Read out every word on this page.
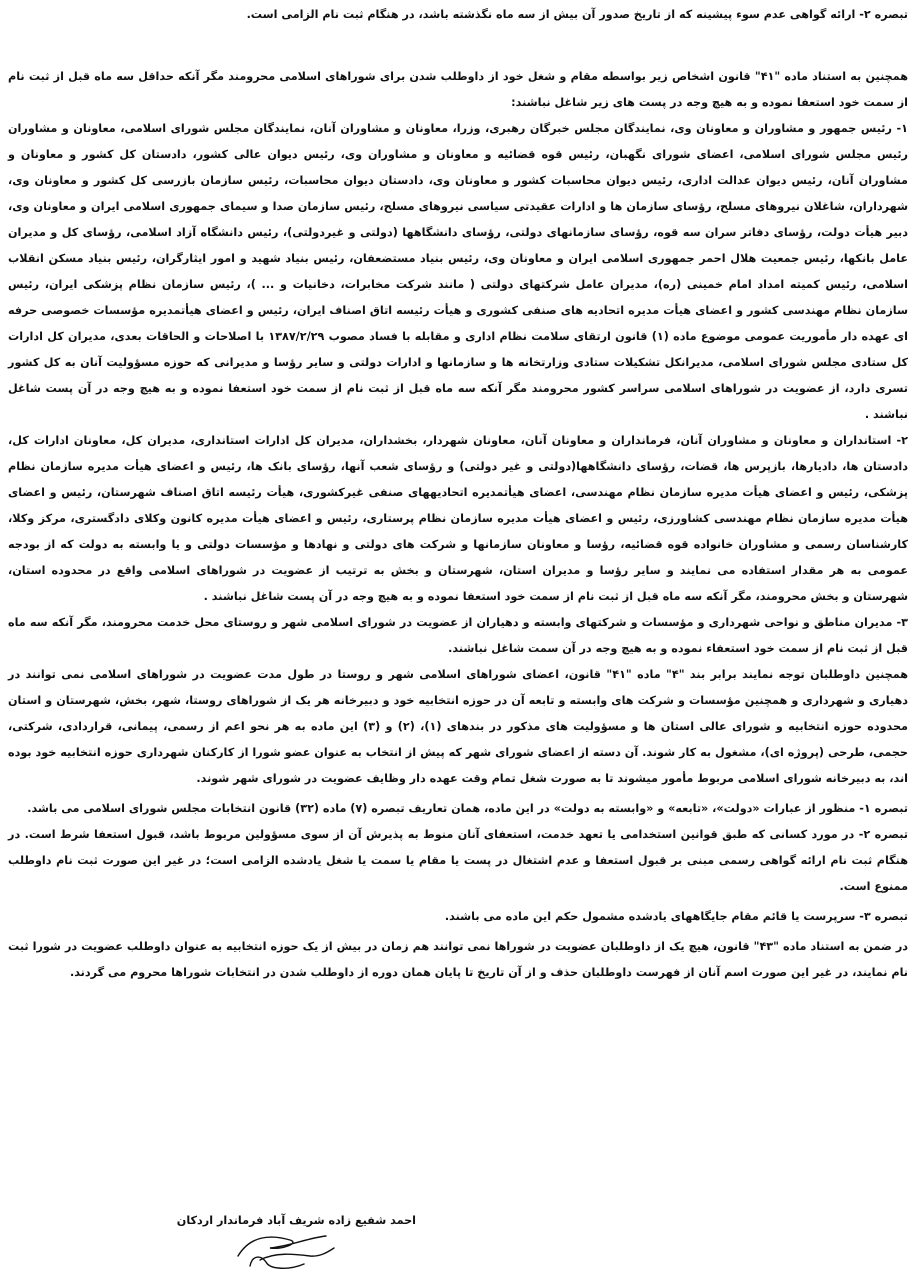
تبصره ۲- ارائه گواهی عدم سوء پیشینه که از تاریخ صدور آن بیش از سه ماه نگذشته باشد، در هنگام ثبت نام الزامی است.

همچنین به استناد ماده "۴۱" قانون اشخاص زیر بواسطه مقام و شغل خود از داوطلب شدن برای شوراهای اسلامی محرومند مگر آنکه حداقل سه ماه قبل از ثبت نام از سمت خود استعفا نموده و به هیچ وجه در پست های زیر شاغل نباشند:

۱- رئیس جمهور و مشاوران و معاونان وی، نمایندگان مجلس خبرگان رهبری، وزرا، معاونان و مشاوران آنان، نمایندگان مجلس شورای اسلامی، معاونان و مشاوران رئیس مجلس شورای اسلامی، اعضای شورای نگهبان، رئیس قوه قضائیه و معاونان و مشاوران وی، رئیس دیوان عالی کشور، دادستان کل کشور و معاونان و مشاوران آنان، رئیس دیوان عدالت اداری، رئیس دیوان محاسبات کشور و معاونان وی، دادستان دیوان محاسبات، رئیس سازمان بازرسی کل کشور و معاونان وی، شهرداران، شاغلان نیروهای مسلح، رؤسای سازمان ها و ادارات عقیدتی سیاسی نیروهای مسلح، رئیس سازمان صدا و سیمای جمهوری اسلامی ایران و معاونان وی، دبیر هیأت دولت، رؤسای دفاتر سران سه قوه، رؤسای سازمانهای دولتی، رؤسای دانشگاهها (دولتی و غیردولتی)، رئیس دانشگاه آزاد اسلامی، رؤسای کل و مدیران عامل بانکها، رئیس جمعیت هلال احمر جمهوری اسلامی ایران و معاونان وی، رئیس بنیاد مستضعفان، رئیس بنیاد شهید و امور ایثارگران، رئیس بنیاد مسکن انقلاب اسلامی، رئیس کمیته امداد امام خمینی (ره)، مدیران عامل شرکتهای دولتی ( مانند شرکت مخابرات، دخانیات و ... )، رئیس سازمان نظام پزشکی ایران، رئیس سازمان نظام مهندسی کشور و اعضای هیأت مدیره اتحادیه های صنفی کشوری و هیأت رئیسه اتاق اصناف ایران، رئیس و اعضای هیأتمدیره مؤسسات خصوصی حرفه ای عهده دار مأموریت عمومی موضوع ماده (۱) قانون ارتقای سلامت نظام اداری و مقابله با فساد مصوب ۱۳۸۷/۲/۲۹ با اصلاحات و الحاقات بعدی، مدیران کل ادارات کل ستادی مجلس شورای اسلامی، مدیرانکل تشکیلات ستادی وزارتخانه ها و سازمانها و ادارات دولتی و سایر رؤسا و مدیرانی که حوزه مسؤولیت آنان به کل کشور تسری دارد، از عضویت در شوراهای اسلامی سراسر کشور محرومند مگر آنکه سه ماه قبل از ثبت نام از سمت خود استعفا نموده و به هیچ وجه در آن پست شاغل نباشند .

۲- استانداران و معاونان و مشاوران آنان، فرمانداران و معاونان آنان، معاونان شهردار، بخشداران، مدیران کل ادارات استانداری، مدیران کل، معاونان ادارات کل، دادستان ها، دادیارها، بازپرس ها، قضات، رؤسای دانشگاهها(دولتی و غیر دولتی) و رؤسای شعب آنها، رؤسای بانک ها، رئیس و اعضای هیأت مدیره سازمان نظام پزشکی، رئیس و اعضای هیأت مدیره سازمان نظام مهندسی، اعضای هیأتمدیره اتحادیههای صنفی غیرکشوری، هیأت رئیسه اتاق اصناف شهرستان، رئیس و اعضای هیأت مدیره سازمان نظام مهندسی کشاورزی، رئیس و اعضای هیأت مدیره سازمان نظام پرستاری، رئیس و اعضای هیأت مدیره کانون وکلای دادگستری، مرکز وکلا، کارشناسان رسمی و مشاوران خانواده قوه قضائیه، رؤسا و معاونان سازمانها و شرکت های دولتی و نهادها و مؤسسات دولتی و یا وابسته به دولت که از بودجه عمومی به هر مقدار استفاده می نمایند و سایر رؤسا و مدیران استان، شهرستان و بخش به ترتیب از عضویت در شوراهای اسلامی واقع در محدوده استان، شهرستان و بخش محرومند، مگر آنکه سه ماه قبل از ثبت نام از سمت خود استعفا نموده و به هیچ وجه در آن پست شاغل نباشند .

۳- مدیران مناطق و نواحی شهرداری و مؤسسات و شرکتهای وابسته و دهیاران از عضویت در شورای اسلامی شهر و روستای محل خدمت محرومند، مگر آنکه سه ماه قبل از ثبت نام از سمت خود استعفاء نموده و به هیچ وجه در آن سمت شاغل نباشند.

همچنین داوطلبان توجه نمایند برابر بند "۴" ماده "۴۱" قانون، اعضای شوراهای اسلامی شهر و روستا در طول مدت عضویت در شوراهای اسلامی نمی توانند در دهیاری و شهرداری و همچنین مؤسسات و شرکت های وابسته و تابعه آن در حوزه انتخابیه خود و دبیرخانه هر یک از شوراهای روستا، شهر، بخش، شهرستان و استان محدوده حوزه انتخابیه و شورای عالی استان ها و مسؤولیت های مذکور در بندهای (۱)، (۲) و (۳) این ماده به هر نحو اعم از رسمی، پیمانی، قراردادی، شرکتی، حجمی، طرحی (پروژه ای)، مشغول به کار شوند. آن دسته از اعضای شورای شهر که پیش از انتخاب به عنوان عضو شورا از کارکنان شهرداری حوزه انتخابیه خود بوده اند، به دبیرخانه شورای اسلامی مربوط مأمور میشوند تا به صورت شغل تمام وقت عهده دار وظایف عضویت در شورای شهر شوند.

تبصره ۱- منظور از عبارات «دولت»، «تابعه» و «وابسته به دولت» در این ماده، همان تعاریف تبصره (۷) ماده (۳۲) قانون انتخابات مجلس شورای اسلامی می باشد.

تبصره ۲- در مورد کسانی که طبق قوانین استخدامی یا تعهد خدمت، استعفای آنان منوط به پذیرش آن از سوی مسؤولین مربوط باشد، قبول استعفا شرط است. در هنگام ثبت نام ارائه گواهی رسمی مبنی بر قبول استعفا و عدم اشتغال در پست یا مقام یا سمت یا شغل یادشده الزامی است؛ در غیر این صورت ثبت نام داوطلب ممنوع است.

تبصره ۳- سرپرست یا قائم مقام جایگاههای یادشده مشمول حکم این ماده می باشند.

در ضمن به استناد ماده "۴۳" قانون، هیچ یک از داوطلبان عضویت در شوراها نمی توانند هم زمان در بیش از یک حوزه انتخابیه به عنوان داوطلب عضویت در شورا ثبت نام نمایند، در غیر این صورت اسم آنان از فهرست داوطلبان حذف و از آن تاریخ تا پایان همان دوره از داوطلب شدن در انتخابات شوراها محروم می گردند.

احمد شفیع زاده شریف آباد فرماندار اردکان
